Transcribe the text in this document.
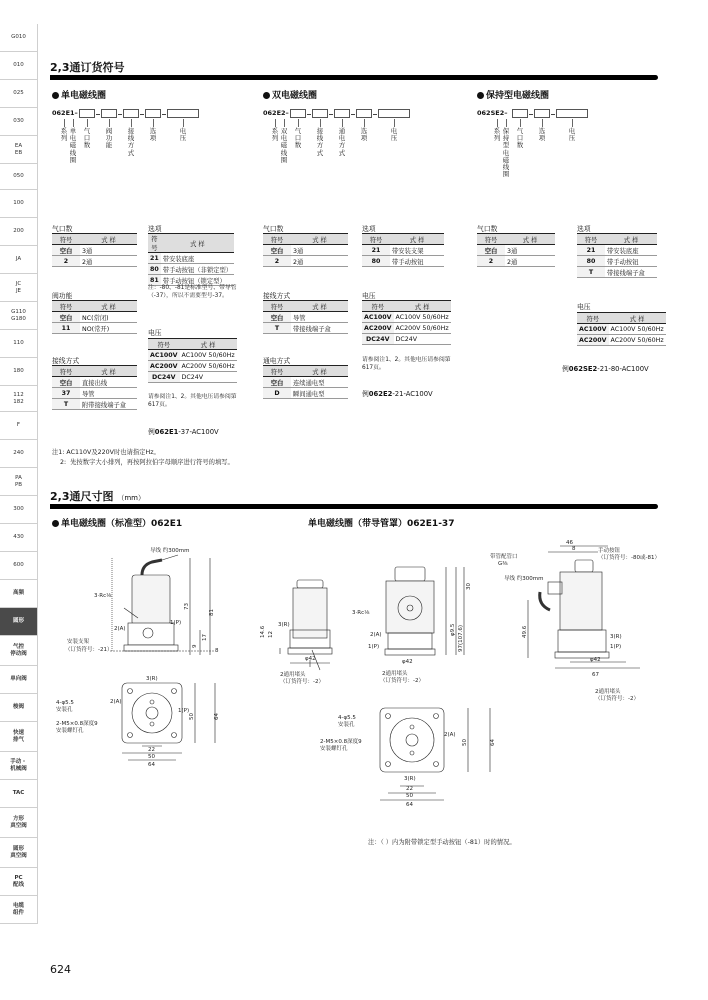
G010
010
025
030
EA
EB
050
100
200
JA
JC
JE
G110
G180
110
180
112
182
F
240
PA
PB
300
430
600
高频
圆形
气控
停动阀
单向阀
梭阀
快速
排气
手动・
机械阀
TAC
方形
真空阀
圆形
真空阀
PC
配线
电缆
组件
2,3通订货符号
单电磁线圈
062E1–
系列
单电磁线圈
气口数
阀功能
接线方式
选项
电压
双电磁线圈
062E2–
系列
双电磁线圈
气口数
接线方式
通电方式
选项
电压
保持型电磁线圈
062SE2–
系列
保持型电磁线圈
气口数
选项
电压
气口数
符号	式 样
空白	3通
2	2通
阀功能
符号	式 样
空白	NC(常闭)
11	NO(常开)
接线方式
符号	式 样
空白	直接出线
37	导管
T	附带接线端子盒
选项
符号	式 样
21	带安装底座
80	带手动按钮（非锁定型）
81	带手动按钮（锁定型）
注：-80、-81是标准型号、带导管（-37），所以不需要型号-37。
电压
符号	式 样
AC100V	AC100V 50/60Hz
AC200V	AC200V 50/60Hz
DC24V	DC24V
请参阅注1、2。其他电压请参阅第617页。
例062E1-37-AC100V
气口数
符号	式 样
空白	3通
2	2通
接线方式
符号	式 样
空白	导管
T	带接线端子盒
通电方式
符号	式 样
空白	连续通电型
D	瞬间通电型
选项
符号	式 样
21	带安装支架
80	带手动按钮
电压
符号	式 样
AC100V	AC100V 50/60Hz
AC200V	AC200V 50/60Hz
DC24V	DC24V
请参阅注1、2。其他电压请参阅第617页。
例062E2-21-AC100V
气口数
符号	式 样
空白	3通
2	2通
选项
符号	式 样
21	带安装底座
80	带手动按钮
T	带接线端子盒
电压
符号	式 样
AC100V	AC100V 50/60Hz
AC200V	AC200V 50/60Hz
例062SE2-21-80-AC100V
注1: AC110V及220V时也请指定Hz。
2:  先按数字大小排列，再按阿拉伯字母顺序进行符号的填写。
2,3通尺寸图 （mm）
单电磁线圈（标准型）062E1	单电磁线圈（带导管罩）062E1-37
导线 约300mm
3·Rc⅛
2(A)
1(P)
安装支架
（订货符号：-21）
73
81
17
9
8
3(R)
4-φ5.5
安装孔
2(A)
1(P)
2-M5×0.8深度9
安装螺钉孔
50	64
22
50
64
3(R)
14.6 12
φ42
2通用堵头
（订货符号：-2）
3·Rc⅛
2(A)
1(P)
φ42
2通用堵头
（订货符号：-2）
φ9.5 97(107.6)
30
带管配管口
G⅜
导线 约300mm
46
8	手动按钮
（订货符号：-80或-81）
49.6	3(R)
1(P)
φ42
67
2通用堵头
（订货符号：-2）
4-φ5.5
安装孔
2(A)
2-M5×0.8深度9
安装螺钉孔
3(R)
22
50
64
50	64
注：（ ）内为附带锁定型手动按钮（-81）时的情况。
624
